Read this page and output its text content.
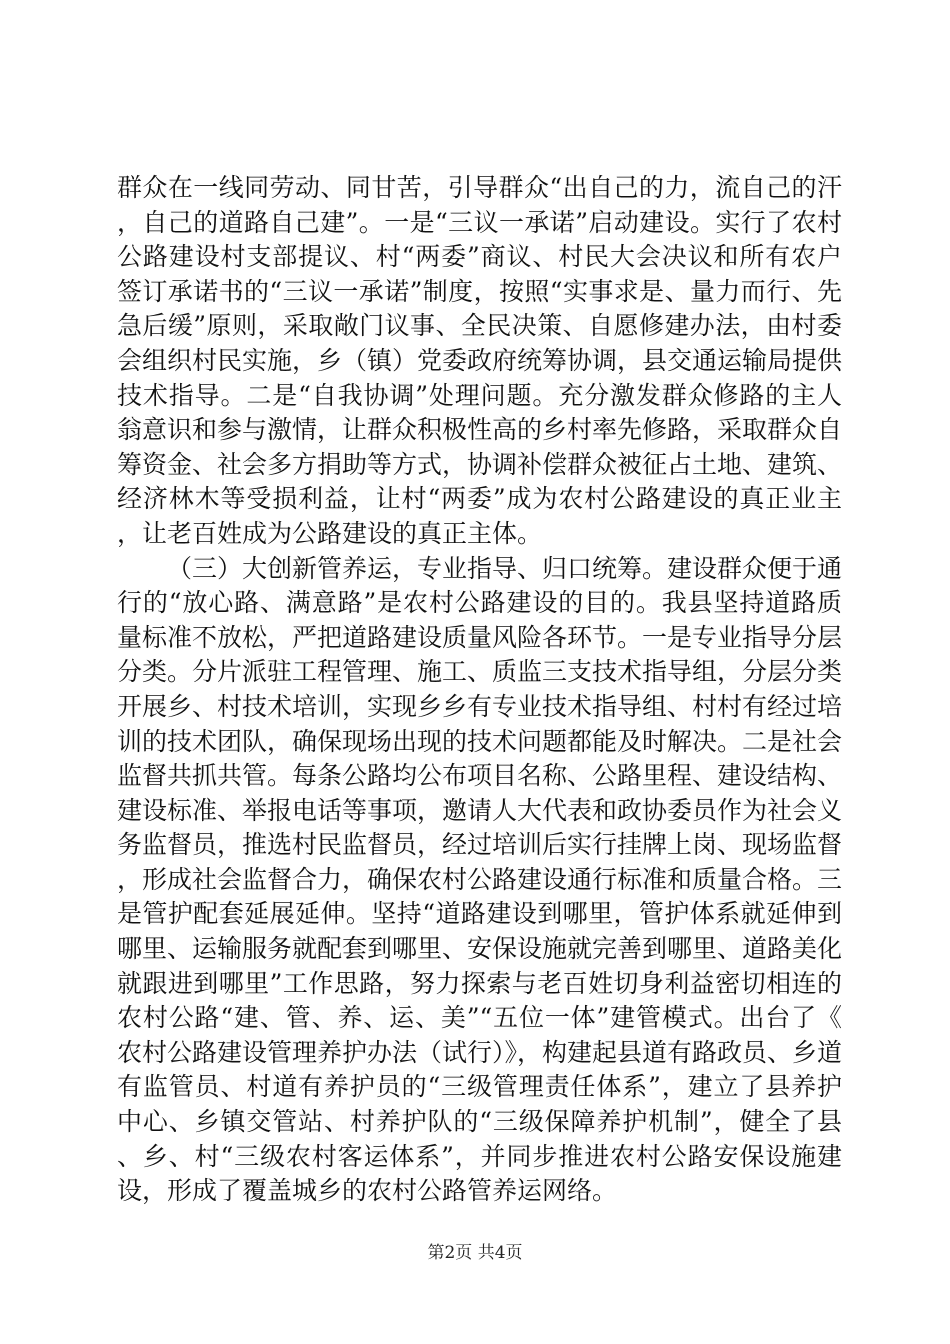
群众在一线同劳动、同甘苦，引导群众“出自己的力，流自己的汗，自己的道路自己建”。一是“三议一承诺”启动建设。实行了农村公路建设村支部提议、村“两委”商议、村民大会决议和所有农户签订承诺书的“三议一承诺”制度，按照“实事求是、量力而行、先急后缓”原则，采取敞门议事、全民决策、自愿修建办法，由村委会组织村民实施，乡（镇）党委政府统筹协调，县交通运输局提供技术指导。二是“自我协调”处理问题。充分激发群众修路的主人翁意识和参与激情，让群众积极性高的乡村率先修路，采取群众自筹资金、社会多方捐助等方式，协调补偿群众被征占土地、建筑、经济林木等受损利益，让村“两委”成为农村公路建设的真正业主，让老百姓成为公路建设的真正主体。

（三）大创新管养运，专业指导、归口统筹。建设群众便于通行的“放心路、满意路”是农村公路建设的目的。我县坚持道路质量标准不放松，严把道路建设质量风险各环节。一是专业指导分层分类。分片派驻工程管理、施工、质监三支技术指导组，分层分类开展乡、村技术培训，实现乡乡有专业技术指导组、村村有经过培训的技术团队，确保现场出现的技术问题都能及时解决。二是社会监督共抓共管。每条公路均公布项目名称、公路里程、建设结构、建设标准、举报电话等事项，邀请人大代表和政协委员作为社会义务监督员，推选村民监督员，经过培训后实行挂牌上岗、现场监督，形成社会监督合力，确保农村公路建设通行标准和质量合格。三是管护配套延展延伸。坚持“道路建设到哪里，管护体系就延伸到哪里、运输服务就配套到哪里、安保设施就完善到哪里、道路美化就跟进到哪里”工作思路，努力探索与老百姓切身利益密切相连的农村公路“建、管、养、运、美”“五位一体”建管模式。出台了《农村公路建设管理养护办法（试行）》，构建起县道有路政员、乡道有监管员、村道有养护员的“三级管理责任体系”，建立了县养护中心、乡镇交管站、村养护队的“三级保障养护机制”，健全了县、乡、村“三级农村客运体系”，并同步推进农村公路安保设施建设，形成了覆盖城乡的农村公路管养运网络。

第2页 共4页
